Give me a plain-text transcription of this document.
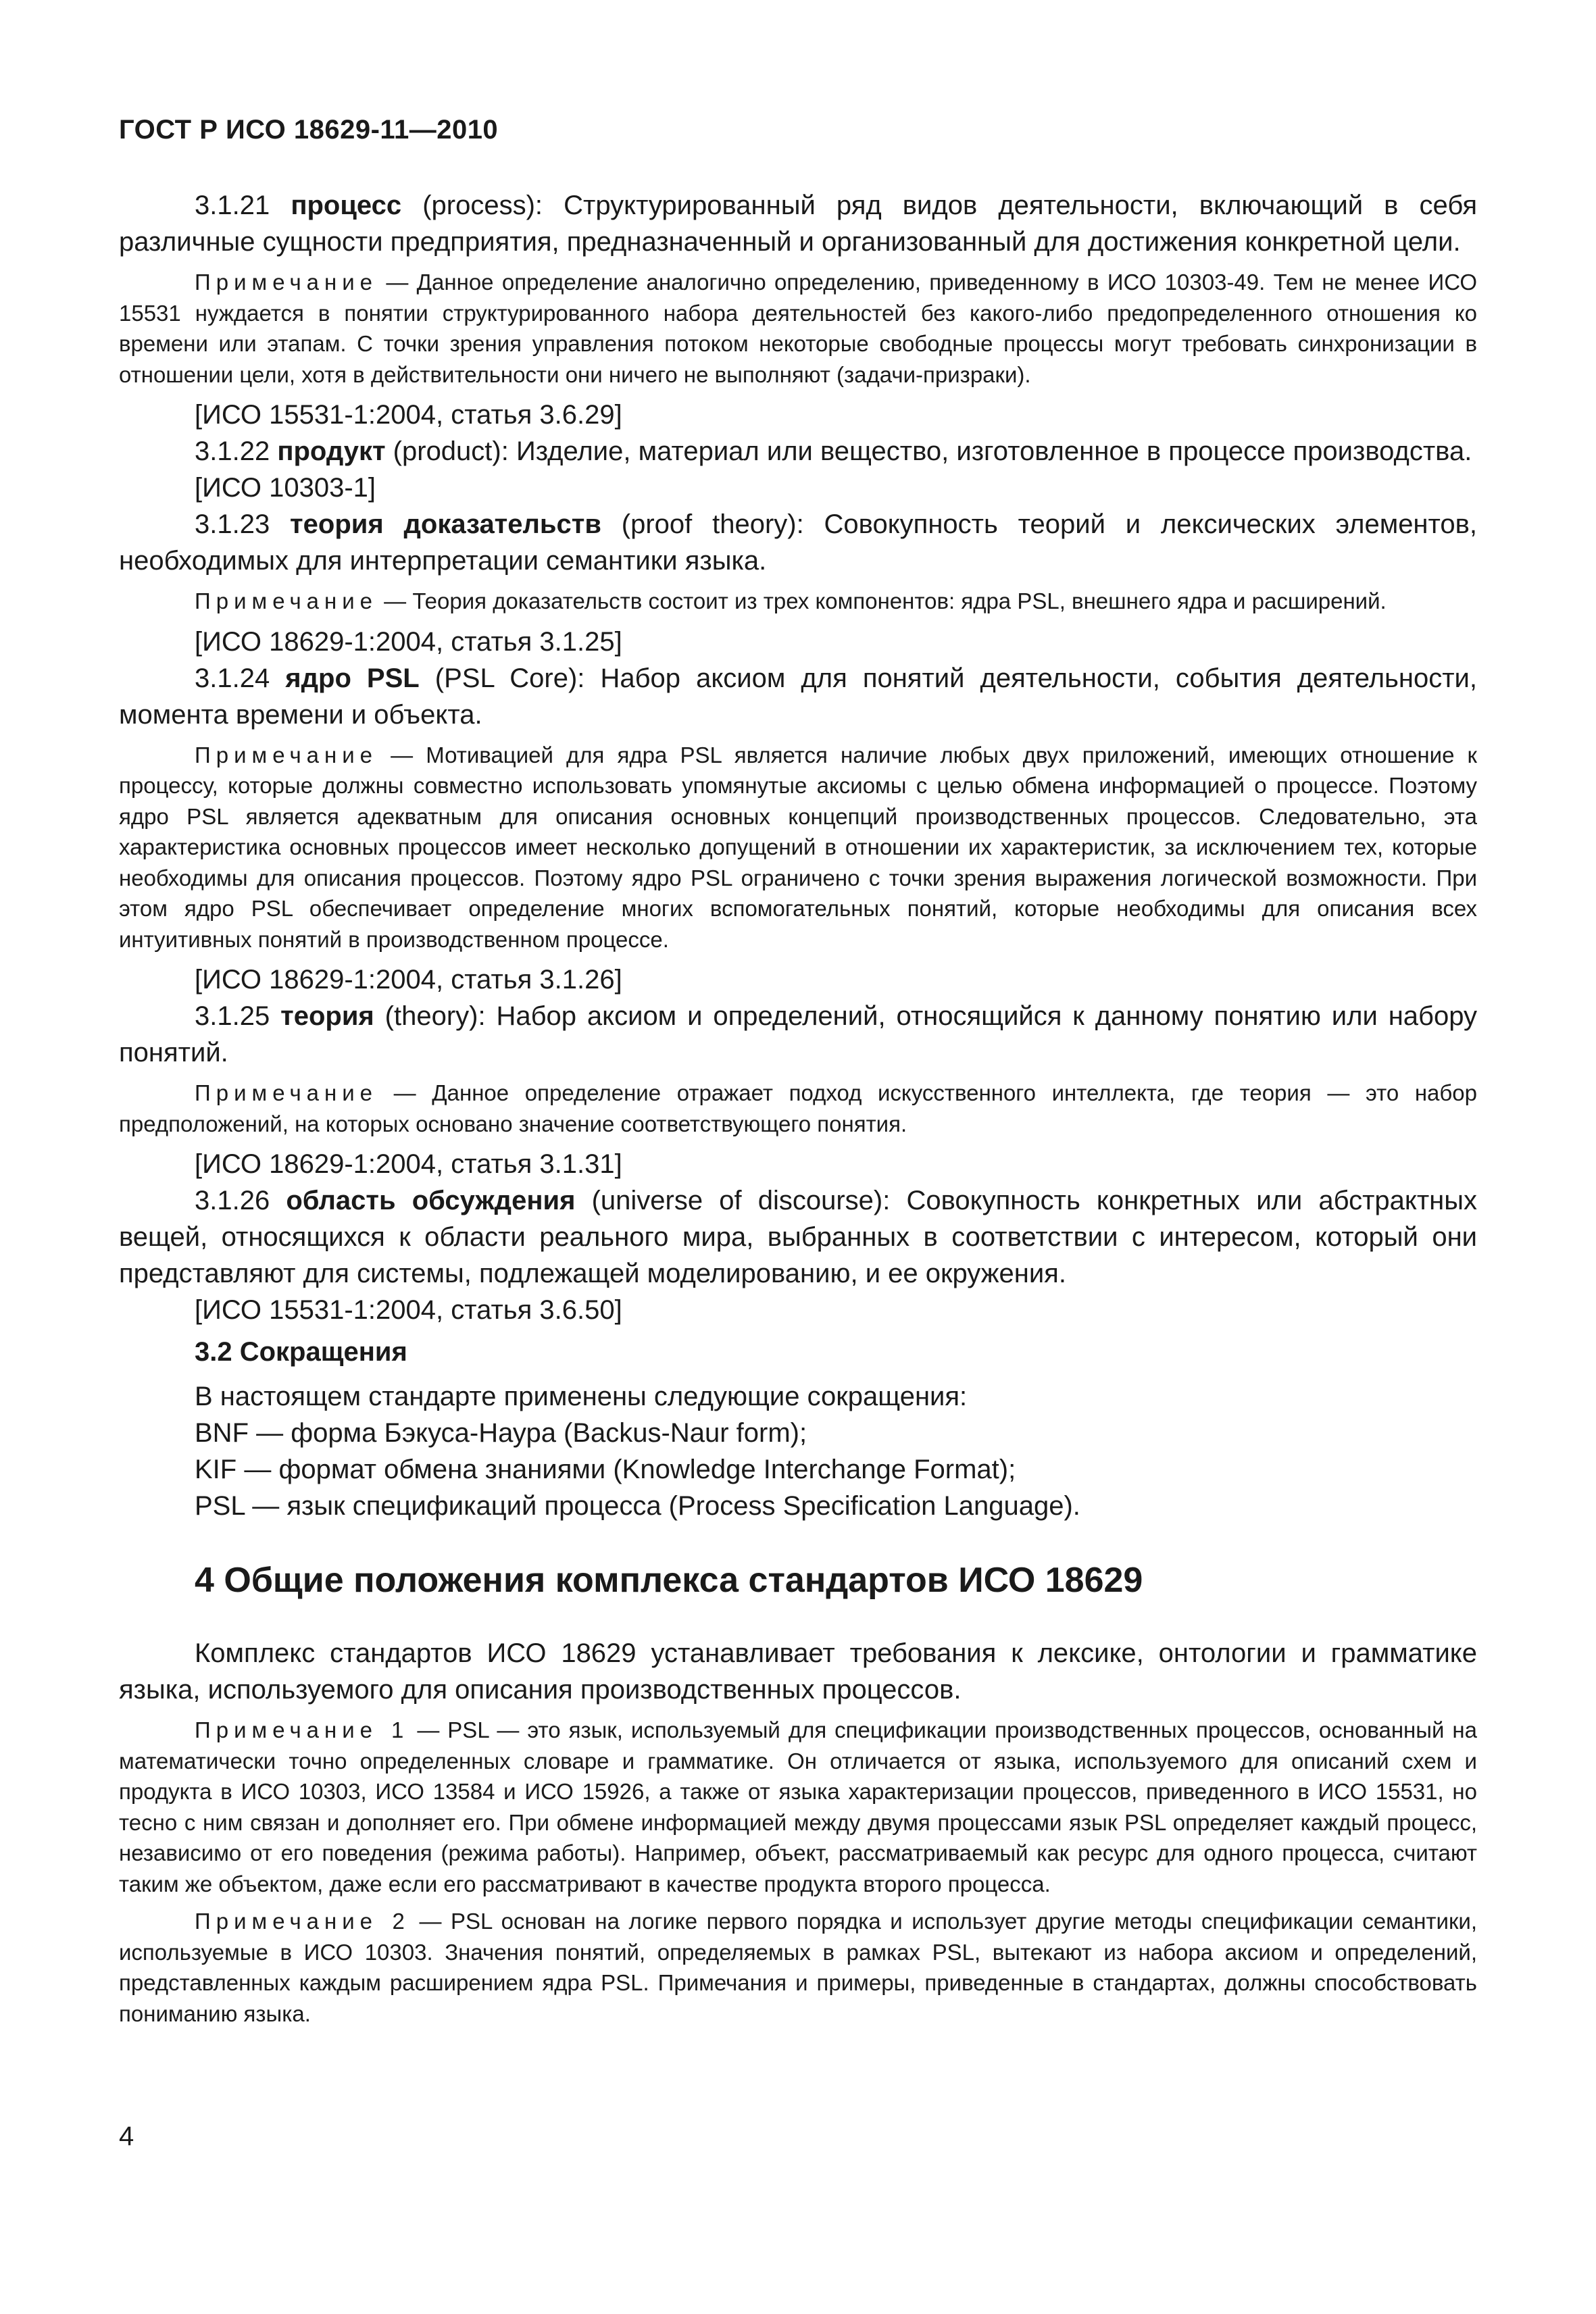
ГОСТ Р ИСО 18629-11—2010

3.1.21 процесс (process): Структурированный ряд видов деятельности, включающий в себя различные сущности предприятия, предназначенный и организованный для достижения конкретной цели.

Примечание — Данное определение аналогично определению, приведенному в ИСО 10303-49. Тем не менее ИСО 15531 нуждается в понятии структурированного набора деятельностей без какого-либо предопределенного отношения ко времени или этапам. С точки зрения управления потоком некоторые свободные процессы могут требовать синхронизации в отношении цели, хотя в действительности они ничего не выполняют (задачи-призраки).

[ИСО 15531-1:2004, статья 3.6.29]

3.1.22 продукт (product): Изделие, материал или вещество, изготовленное в процессе производства.

[ИСО 10303-1]

3.1.23 теория доказательств (proof theory): Совокупность теорий и лексических элементов, необходимых для интерпретации семантики языка.

Примечание — Теория доказательств состоит из трех компонентов: ядра PSL, внешнего ядра и расширений.

[ИСО 18629-1:2004, статья 3.1.25]

3.1.24 ядро PSL (PSL Core): Набор аксиом для понятий деятельности, события деятельности, момента времени и объекта.

Примечание — Мотивацией для ядра PSL является наличие любых двух приложений, имеющих отношение к процессу, которые должны совместно использовать упомянутые аксиомы с целью обмена информацией о процессе. Поэтому ядро PSL является адекватным для описания основных концепций производственных процессов. Следовательно, эта характеристика основных процессов имеет несколько допущений в отношении их характеристик, за исключением тех, которые необходимы для описания процессов. Поэтому ядро PSL ограничено с точки зрения выражения логической возможности. При этом ядро PSL обеспечивает определение многих вспомогательных понятий, которые необходимы для описания всех интуитивных понятий в производственном процессе.

[ИСО 18629-1:2004, статья 3.1.26]

3.1.25 теория (theory): Набор аксиом и определений, относящийся к данному понятию или набору понятий.

Примечание — Данное определение отражает подход искусственного интеллекта, где теория — это набор предположений, на которых основано значение соответствующего понятия.

[ИСО 18629-1:2004, статья 3.1.31]

3.1.26 область обсуждения (universe of discourse): Совокупность конкретных или абстрактных вещей, относящихся к области реального мира, выбранных в соответствии с интересом, который они представляют для системы, подлежащей моделированию, и ее окружения.

[ИСО 15531-1:2004, статья 3.6.50]

3.2 Сокращения

В настоящем стандарте применены следующие сокращения:

BNF — форма Бэкуса-Наура (Backus-Naur form);

KIF — формат обмена знаниями (Knowledge Interchange Format);

PSL — язык спецификаций процесса (Process Specification Language).

4 Общие положения комплекса стандартов ИСО 18629

Комплекс стандартов ИСО 18629 устанавливает требования к лексике, онтологии и грамматике языка, используемого для описания производственных процессов.

Примечание 1 — PSL — это язык, используемый для спецификации производственных процессов, основанный на математически точно определенных словаре и грамматике. Он отличается от языка, используемого для описаний схем и продукта в ИСО 10303, ИСО 13584 и ИСО 15926, а также от языка характеризации процессов, приведенного в ИСО 15531, но тесно с ним связан и дополняет его. При обмене информацией между двумя процессами язык PSL определяет каждый процесс, независимо от его поведения (режима работы). Например, объект, рассматриваемый как ресурс для одного процесса, считают таким же объектом, даже если его рассматривают в качестве продукта второго процесса.

Примечание 2 — PSL основан на логике первого порядка и использует другие методы спецификации семантики, используемые в ИСО 10303. Значения понятий, определяемых в рамках PSL, вытекают из набора аксиом и определений, представленных каждым расширением ядра PSL. Примечания и примеры, приведенные в стандартах, должны способствовать пониманию языка.

4
